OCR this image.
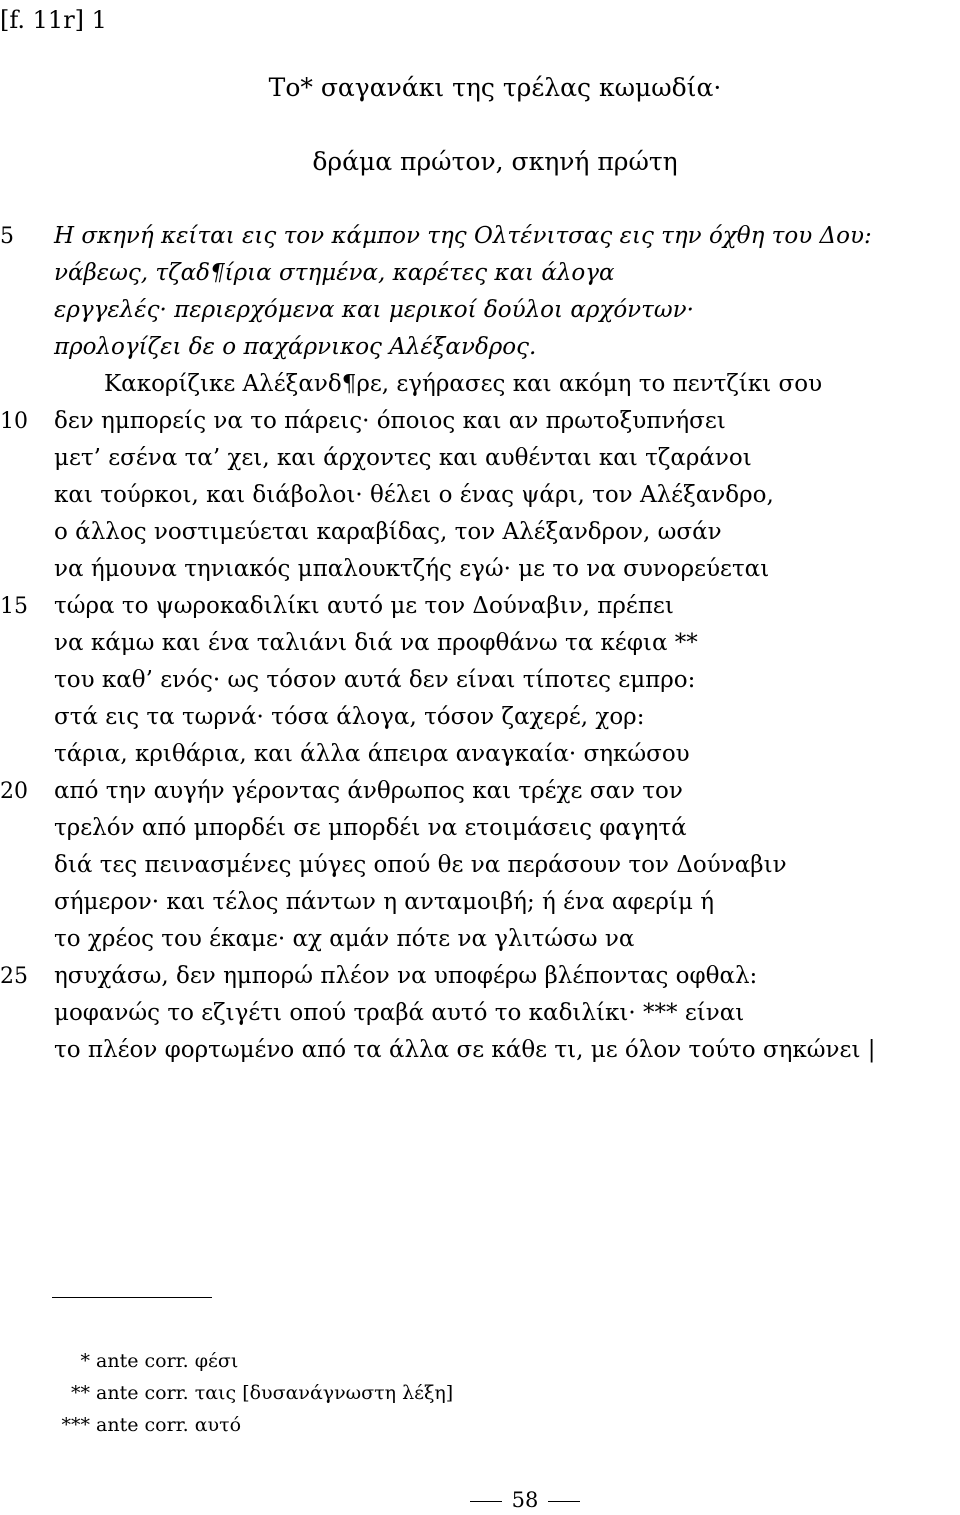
[f. 11r] 1
Το* σαγανάκι της τρέλας κωμωδία·
δράμα πρώτον, σκηνή πρώτη
5	Η σκηνή κείται εις τον κάμπον της Ολτένιτσας εις την όχθη του Δου:
νάβεως, τζαδ¶ίρια στημένα, καρέτες και άλογα
εργγελές· περιερχόμενα και μερικοί δούλοι αρχόντων·
προλογίζει δε ο παχάρνικος Αλέξανδρος.
Κακορίζικε Αλέξανδ¶ρε, εγήρασες και ακόμη το πεντζίκι σου
10	δεν ημπορείς να το πάρεις· όποιος και αν πρωτοξυπνήσει
μετ’ εσένα τα’ χει, και άρχοντες και αυθένται και τζαράνοι
και τούρκοι, και διάβολοι· θέλει ο ένας ψάρι, τον Αλέξανδρο,
ο άλλος νοστιμεύεται καραβίδας, τον Αλέξανδρον, ωσάν
να ήμουνα τηνιακός μπαλουκτζής εγώ· με το να συνορεύεται
15	τώρα το ψωροκαδιλίκι αυτό με τον Δούναβιν, πρέπει
να κάμω και ένα ταλιάνι διά να προφθάνω τα κέφια **
του καθ’ ενός· ως τόσον αυτά δεν είναι τίποτες εμπρο:
στά εις τα τωρνά· τόσα άλογα, τόσον ζαχερέ, χορ:
τάρια, κριθάρια, και άλλα άπειρα αναγκαία· σηκώσου
20	από την αυγήν γέροντας άνθρωπος και τρέχε σαν τον
τρελόν από μπορδέι σε μπορδέι να ετοιμάσεις φαγητά
διά τες πεινασμένες μύγες οπού θε να περάσουν τον Δούναβιν
σήμερον· και τέλος πάντων η ανταμοιβή; ή ένα αφερίμ ή
το χρέος του έκαμε· αχ αμάν πότε να γλιτώσω να
25	ησυχάσω, δεν ημπορώ πλέον να υποφέρω βλέποντας οφθαλ:
μοφανώς το εζιγέτι οπού τραβά αυτό το καδιλίκι· *** είναι
το πλέον φορτωμένο από τα άλλα σε κάθε τι, με όλον τούτο σηκώνει |
* ante corr. φέσι
** ante corr. ταις [δυσανάγνωστη λέξη]
*** ante corr. αυτό
58
